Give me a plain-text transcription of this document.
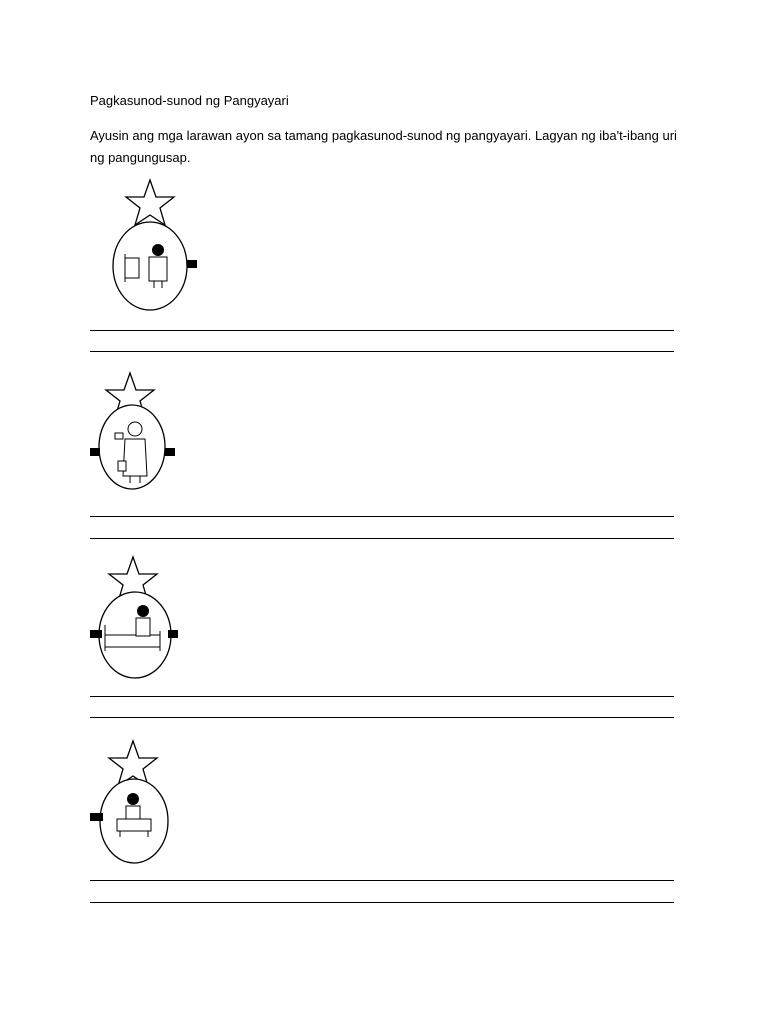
Pagkasunod-sunod ng Pangyayari

Ayusin ang mga larawan ayon sa tamang pagkasunod-sunod ng pangyayari. Lagyan ng iba't-ibang uri ng pangungusap.
